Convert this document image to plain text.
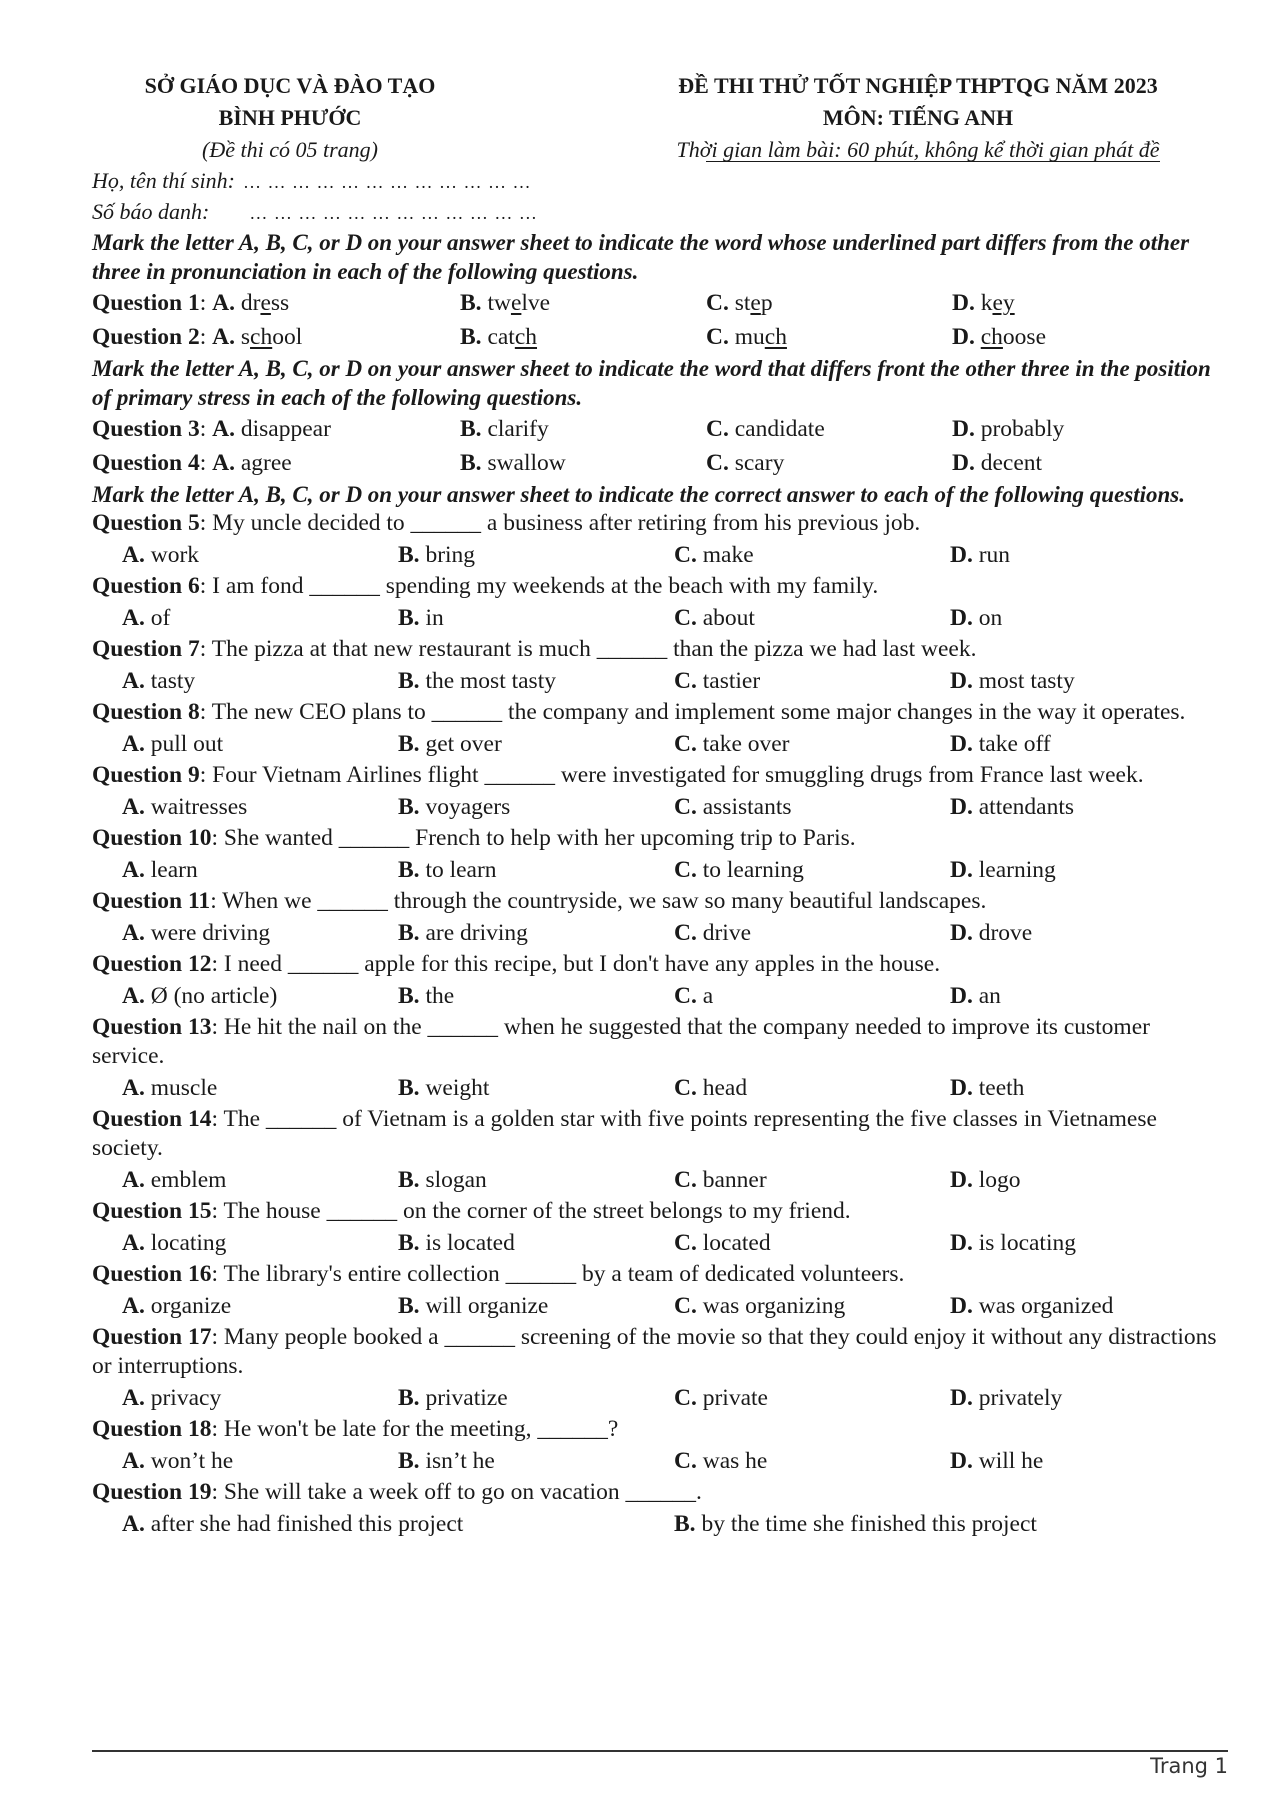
SỞ GIÁO DỤC VÀ ĐÀO TẠO
BÌNH PHƯỚC
(Đề thi có 05 trang)
ĐỀ THI THỬ TỐT NGHIỆP THPTQG NĂM 2023
MÔN: TIẾNG ANH
Thời gian làm bài: 60 phút, không kể thời gian phát đề
Họ, tên thí sinh: … … … … … … … … … … … …
Số báo danh: … … … … … … … … … … … …
Mark the letter A, B, C, or D on your answer sheet to indicate the word whose underlined part differs from the other three in pronunciation in each of the following questions.
Question 1: A. dress	B. twelve	C. step	D. key
Question 2: A. school	B. catch	C. much	D. choose
Mark the letter A, B, C, or D on your answer sheet to indicate the word that differs front the other three in the position of primary stress in each of the following questions.
Question 3: A. disappear	B. clarify	C. candidate	D. probably
Question 4: A. agree	B. swallow	C. scary	D. decent
Mark the letter A, B, C, or D on your answer sheet to indicate the correct answer to each of the following questions.
Question 5: My uncle decided to ______ a business after retiring from his previous job.
A. work	B. bring	C. make	D. run
Question 6: I am fond ______ spending my weekends at the beach with my family.
A. of	B. in	C. about	D. on
Question 7: The pizza at that new restaurant is much ______ than the pizza we had last week.
A. tasty	B. the most tasty	C. tastier	D. most tasty
Question 8: The new CEO plans to ______ the company and implement some major changes in the way it operates.
A. pull out	B. get over	C. take over	D. take off
Question 9: Four Vietnam Airlines flight ______ were investigated for smuggling drugs from France last week.
A. waitresses	B. voyagers	C. assistants	D. attendants
Question 10: She wanted ______ French to help with her upcoming trip to Paris.
A. learn	B. to learn	C. to learning	D. learning
Question 11: When we ______ through the countryside, we saw so many beautiful landscapes.
A. were driving	B. are driving	C. drive	D. drove
Question 12: I need ______ apple for this recipe, but I don't have any apples in the house.
A. Ø (no article)	B. the	C. a	D. an
Question 13: He hit the nail on the ______ when he suggested that the company needed to improve its customer service.
A. muscle	B. weight	C. head	D. teeth
Question 14: The ______ of Vietnam is a golden star with five points representing the five classes in Vietnamese society.
A. emblem	B. slogan	C. banner	D. logo
Question 15: The house ______ on the corner of the street belongs to my friend.
A. locating	B. is located	C. located	D. is locating
Question 16: The library's entire collection ______ by a team of dedicated volunteers.
A. organize	B. will organize	C. was organizing	D. was organized
Question 17: Many people booked a ______ screening of the movie so that they could enjoy it without any distractions or interruptions.
A. privacy	B. privatize	C. private	D. privately
Question 18: He won't be late for the meeting, ______?
A. won’t he	B. isn’t he	C. was he	D. will he
Question 19: She will take a week off to go on vacation ______.
A. after she had finished this project	B. by the time she finished this project
Trang 1
